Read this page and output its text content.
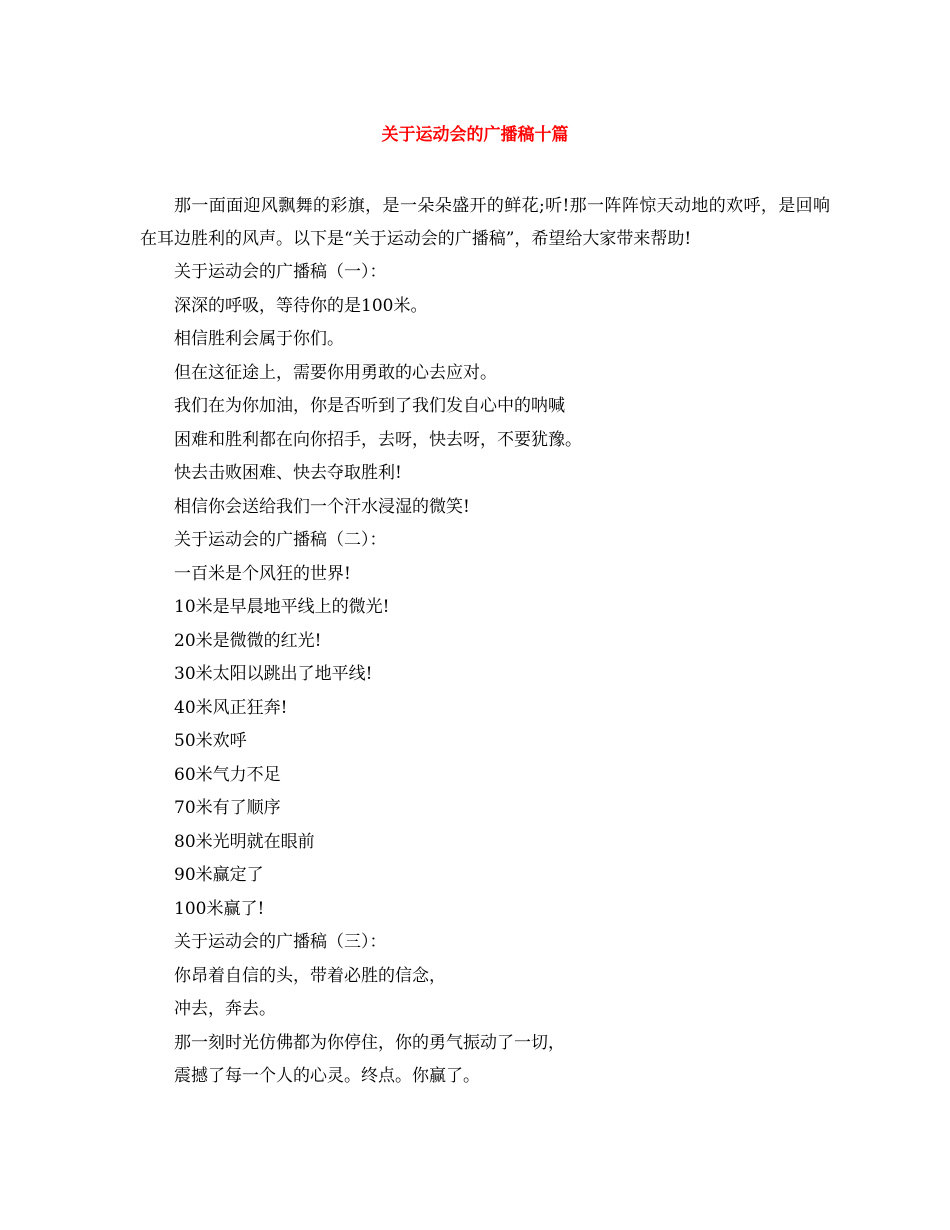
关于运动会的广播稿十篇

那一面面迎风飘舞的彩旗，是一朵朵盛开的鲜花;听!那一阵阵惊天动地的欢呼，是回响在耳边胜利的风声。以下是“关于运动会的广播稿”，希望给大家带来帮助!

关于运动会的广播稿（一）：

深深的呼吸，等待你的是100米。

相信胜利会属于你们。

但在这征途上，需要你用勇敢的心去应对。

我们在为你加油，你是否听到了我们发自心中的呐喊

困难和胜利都在向你招手，去呀，快去呀，不要犹豫。

快去击败困难、快去夺取胜利!

相信你会送给我们一个汗水浸湿的微笑!

关于运动会的广播稿（二）：

一百米是个风狂的世界!

10米是早晨地平线上的微光!

20米是微微的红光!

30米太阳以跳出了地平线!

40米风正狂奔!

50米欢呼

60米气力不足

70米有了顺序

80米光明就在眼前

90米赢定了

100米赢了!

关于运动会的广播稿（三）：

你昂着自信的头，带着必胜的信念，

冲去，奔去。

那一刻时光仿佛都为你停住，你的勇气振动了一切，

震撼了每一个人的心灵。终点。你赢了。
